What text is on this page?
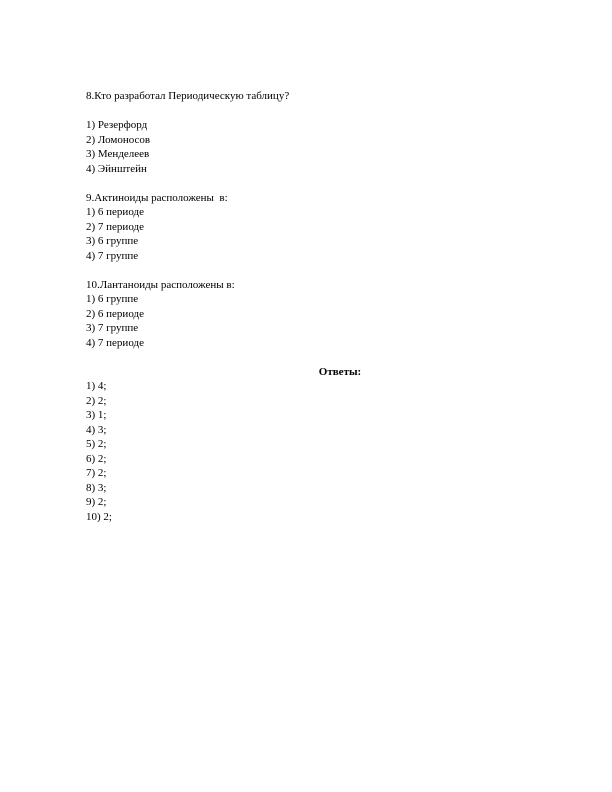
8.Кто разработал Периодическую таблицу?
1) Резерфорд
2) Ломоносов
3) Менделеев
4) Эйнштейн
9.Актиноиды расположены  в:
1) 6 периоде
2) 7 периоде
3) 6 группе
4) 7 группе
10.Лантаноиды расположены в:
1) 6 группе
2) 6 периоде
3) 7 группе
4) 7 периоде
Ответы:
1) 4;
2) 2;
3) 1;
4) 3;
5) 2;
6) 2;
7) 2;
8) 3;
9) 2;
10) 2;
